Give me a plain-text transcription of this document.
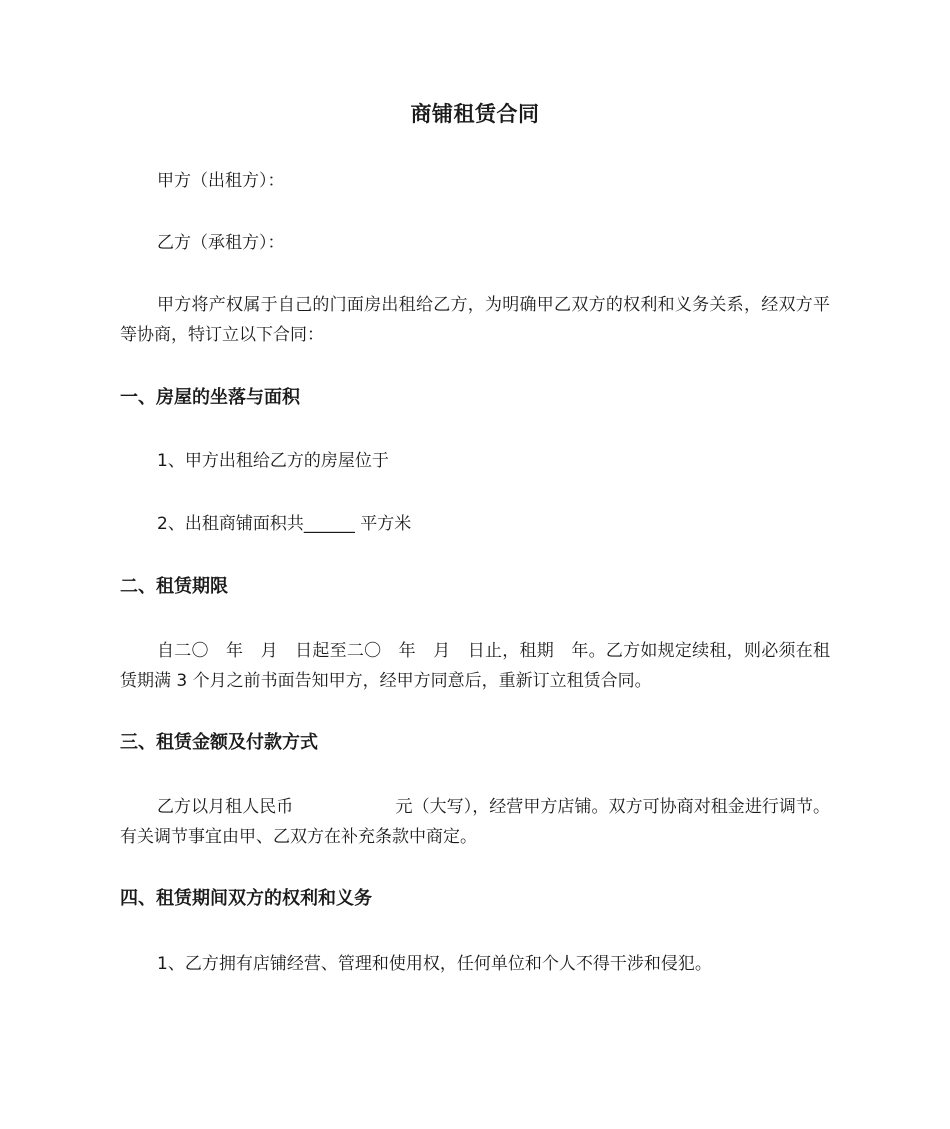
商铺租赁合同
甲方（出租方）：
乙方（承租方）：
甲方将产权属于自己的门面房出租给乙方，为明确甲乙双方的权利和义务关系，经双方平等协商，特订立以下合同：
一、房屋的坐落与面积
1、甲方出租给乙方的房屋位于
2、出租商铺面积共______ 平方米
二、租赁期限
自二〇　年　月　日起至二〇　年　月　日止，租期　年。乙方如规定续租，则必须在租赁期满 3 个月之前书面告知甲方，经甲方同意后，重新订立租赁合同。
三、租赁金额及付款方式
乙方以月租人民币　　　　　　元（大写），经营甲方店铺。双方可协商对租金进行调节。有关调节事宜由甲、乙双方在补充条款中商定。
四、租赁期间双方的权利和义务
1、乙方拥有店铺经营、管理和使用权，任何单位和个人不得干涉和侵犯。
